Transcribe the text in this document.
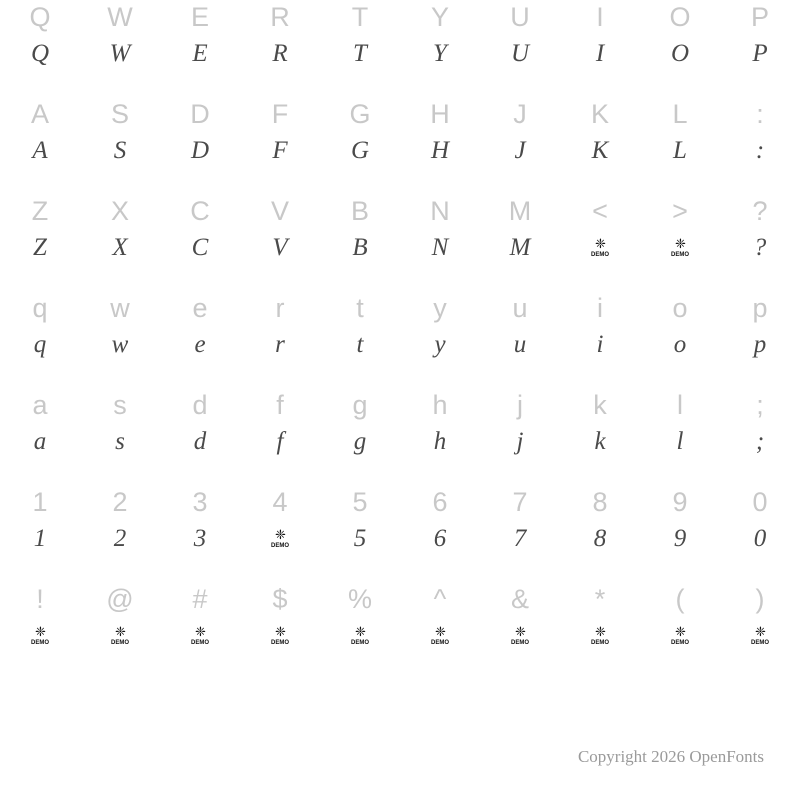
Q
Q
W
W
E
E
R
R
T
T
Y
Y
U
U
I
I
O
O
P
P
A
A
S
S
D
D
F
F
G
G
H
H
J
J
K
K
L
L
:
:
Z
Z
X
X
C
C
V
V
B
B
N
N
M
M
<
❈
DEMO
>
❈
DEMO
?
?
q
q
w
w
e
e
r
r
t
t
y
y
u
u
i
i
o
o
p
p
a
a
s
s
d
d
f
f
g
g
h
h
j
j
k
k
l
l
;
;
1
1
2
2
3
3
4
❈
DEMO
5
5
6
6
7
7
8
8
9
9
0
0
!
❈
DEMO
@
❈
DEMO
#
❈
DEMO
$
❈
DEMO
%
❈
DEMO
^
❈
DEMO
&
❈
DEMO
*
❈
DEMO
(
❈
DEMO
)
❈
DEMO
Copyright 2026 OpenFonts
